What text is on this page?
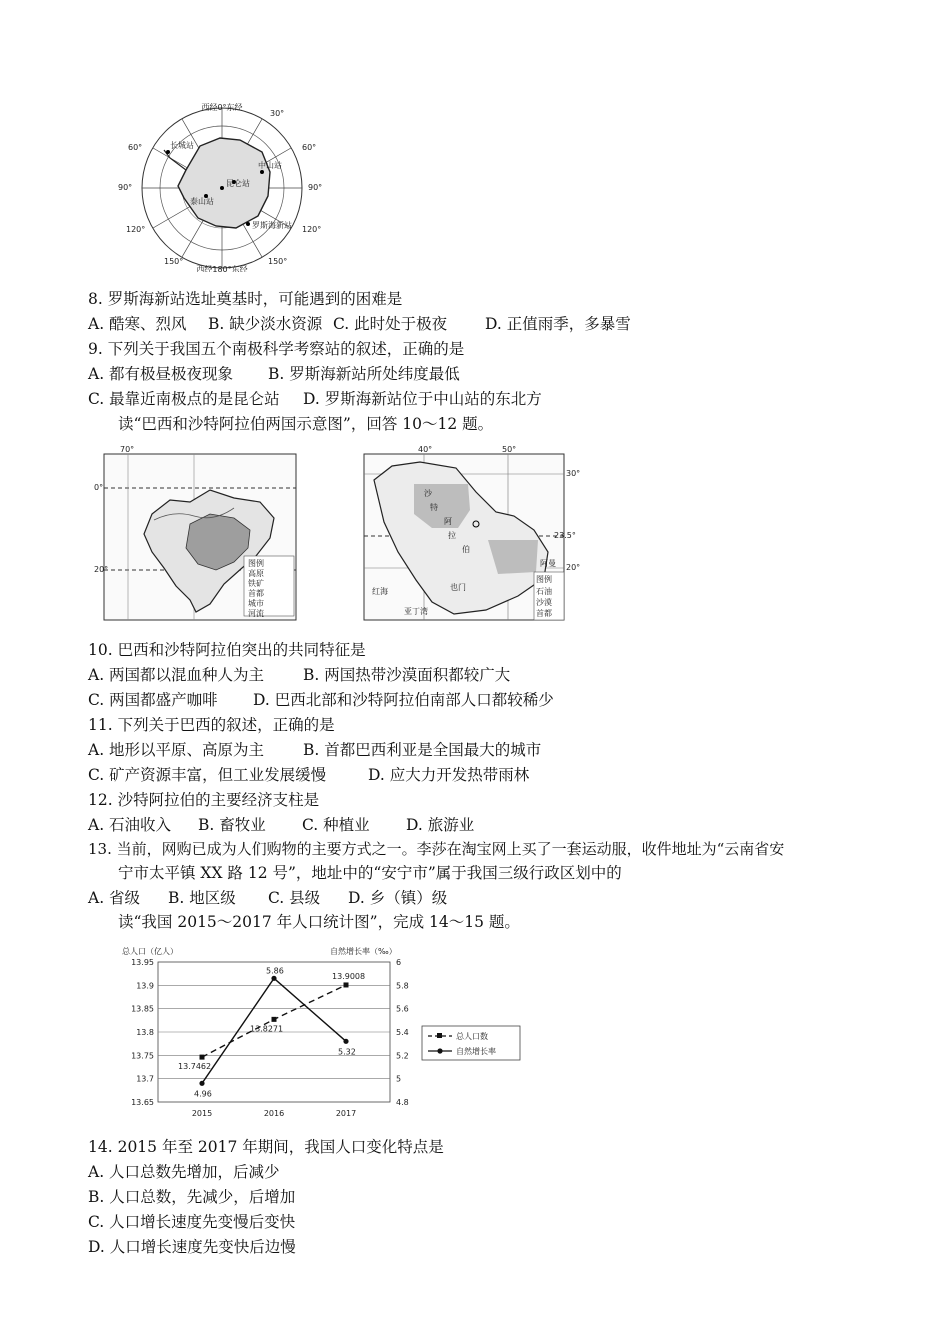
西经0°东经
西经180°东经
60°
90°
120°
150°
30°
60°
90°
120°
150°
长城站
中山站
昆仑站
泰山站
罗斯海新站
8. 罗斯海新站选址奠基时，可能遇到的困难是
A. 酷寒、烈风 B. 缺少淡水资源 C. 此时处于极夜 D. 正值雨季，多暴雪
9. 下列关于我国五个南极科学考察站的叙述，正确的是
A. 都有极昼极夜现象 B. 罗斯海新站所处纬度最低
C. 最靠近南极点的是昆仑站 D. 罗斯海新站位于中山站的东北方
读“巴西和沙特阿拉伯两国示意图”，回答 10～12 题。
图例
高原
铁矿
首都
城市
河流
70°
0°
20°
沙
特
阿
拉
伯
红海
亚丁湾
也门
阿曼
40°	50°
30°
23.5°
20°
图例
石油
沙漠
首都
10. 巴西和沙特阿拉伯突出的共同特征是
A. 两国都以混血种人为主	B. 两国热带沙漠面积都较广大
C. 两国都盛产咖啡 D. 巴西北部和沙特阿拉伯南部人口都较稀少
11. 下列关于巴西的叙述，正确的是
A. 地形以平原、高原为主	B. 首都巴西利亚是全国最大的城市
C. 矿产资源丰富，但工业发展缓慢	D. 应大力开发热带雨林
12. 沙特阿拉伯的主要经济支柱是
A. 石油收入 B. 畜牧业 C. 种植业 D. 旅游业
13. 当前，网购已成为人们购物的主要方式之一。李莎在淘宝网上买了一套运动服，收件地址为“云南省安
宁市太平镇 XX 路 12 号”，地址中的“安宁市”属于我国三级行政区划中的
A. 省级 B. 地区级 C. 县级 D. 乡（镇）级
读“我国 2015～2017 年人口统计图”，完成 14～15 题。
13.95
13.9
13.85
13.8
13.75
13.7
13.65
6
5.8
5.6
5.4
5.2
5
4.8
2015	2016	2017
13.7462
13.8271
13.9008
4.96
5.86
5.32
总人口（亿人）	自然增长率（‰）
总人口数
自然增长率
14. 2015 年至 2017 年期间，我国人口变化特点是
A. 人口总数先增加，后减少
B. 人口总数，先减少，后增加
C. 人口增长速度先变慢后变快
D. 人口增长速度先变快后边慢
